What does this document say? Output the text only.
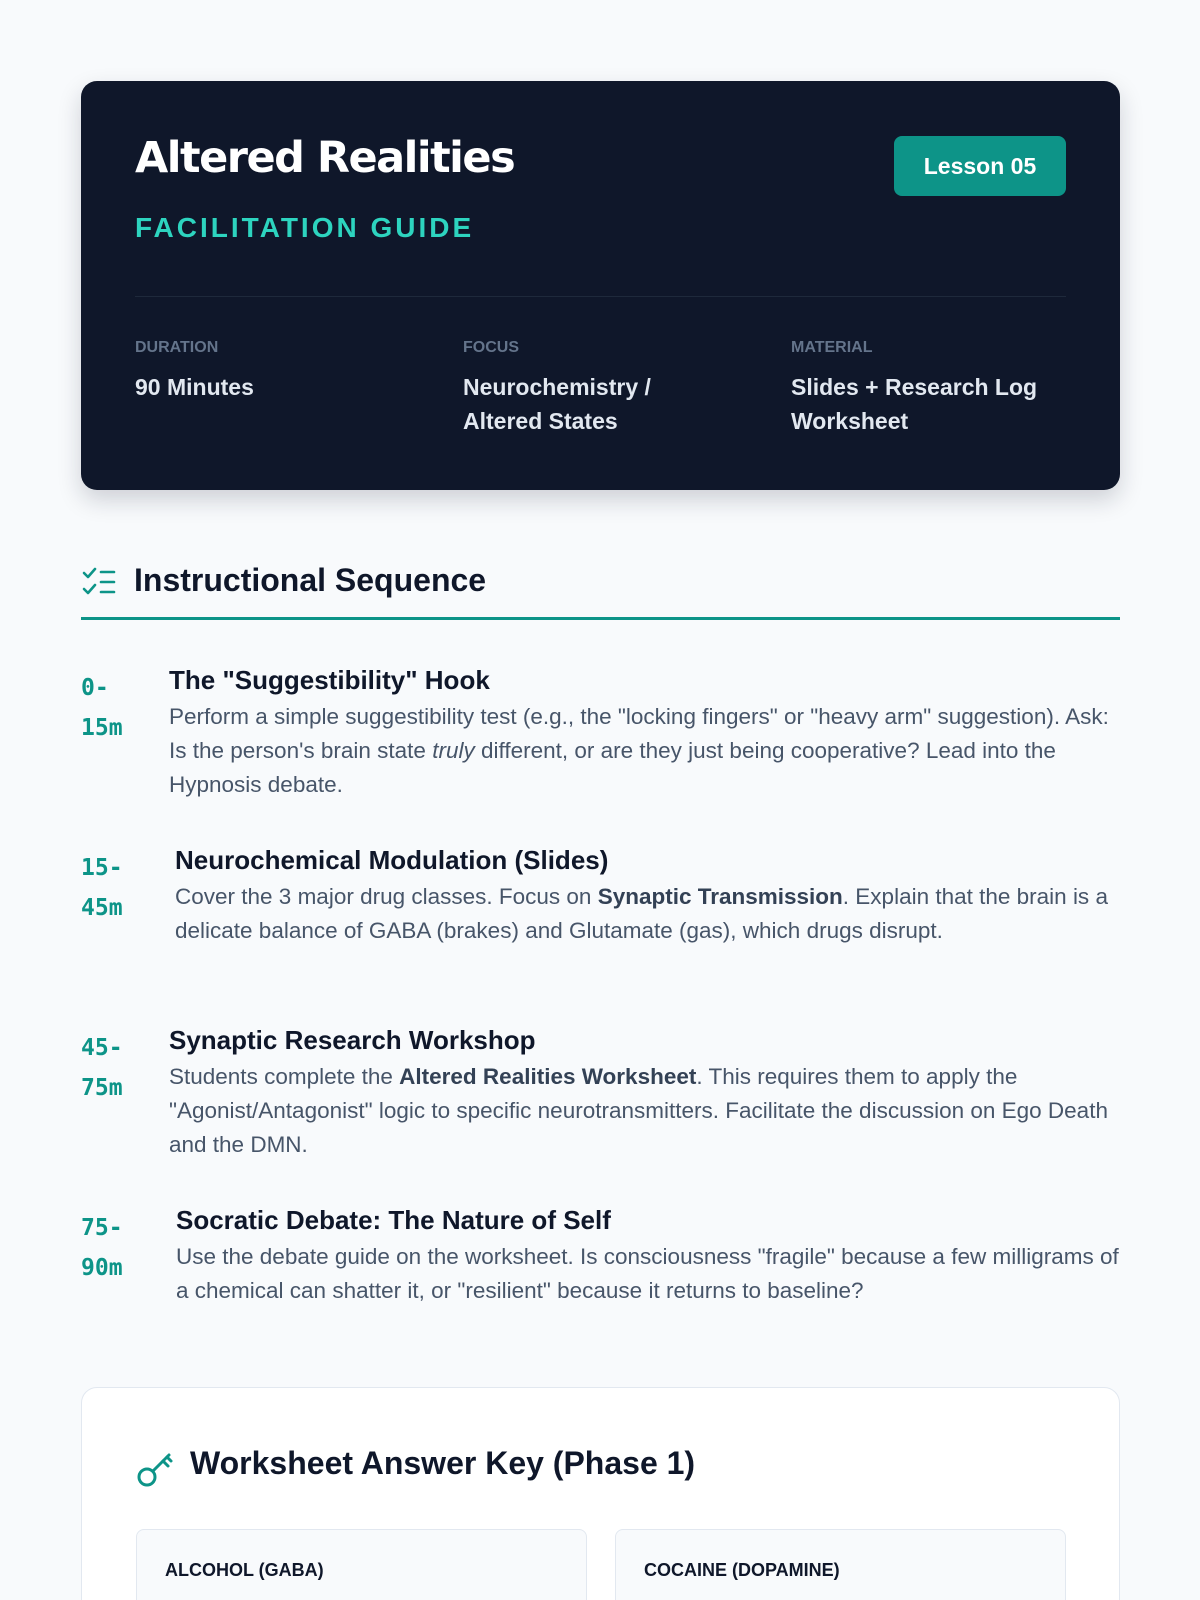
Altered Realities
FACILITATION GUIDE
Lesson 05
DURATION
90 Minutes
FOCUS
Neurochemistry /
Altered States
MATERIAL
Slides + Research Log
Worksheet
Instructional Sequence
0-
15m
The "Suggestibility" Hook
Perform a simple suggestibility test (e.g., the "locking fingers" or "heavy arm" suggestion). Ask: Is the person's brain state truly different, or are they just being cooperative? Lead into the Hypnosis debate.
15-
45m
Neurochemical Modulation (Slides)
Cover the 3 major drug classes. Focus on Synaptic Transmission. Explain that the brain is a delicate balance of GABA (brakes) and Glutamate (gas), which drugs disrupt.
45-
75m
Synaptic Research Workshop
Students complete the Altered Realities Worksheet. This requires them to apply the "Agonist/Antagonist" logic to specific neurotransmitters. Facilitate the discussion on Ego Death and the DMN.
75-
90m
Socratic Debate: The Nature of Self
Use the debate guide on the worksheet. Is consciousness "fragile" because a few milligrams of a chemical can shatter it, or "resilient" because it returns to baseline?
Worksheet Answer Key (Phase 1)
ALCOHOL (GABA)	COCAINE (DOPAMINE)
